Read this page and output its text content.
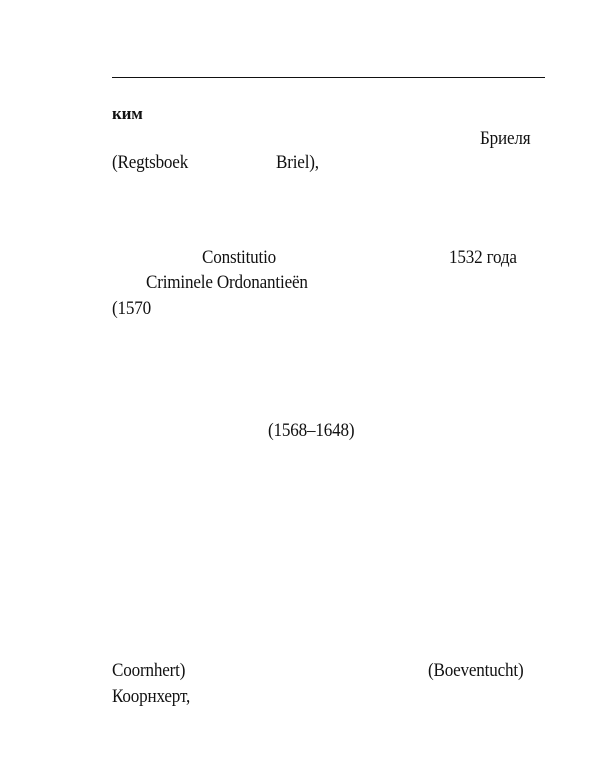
ким
Бриеля
(Regtsboek	Briel),
Constitutio	1532 года
Criminele Ordonantieën
(1570
(1568–1648)
Coornhert)	(Boeventucht)
Коорнхерт,
